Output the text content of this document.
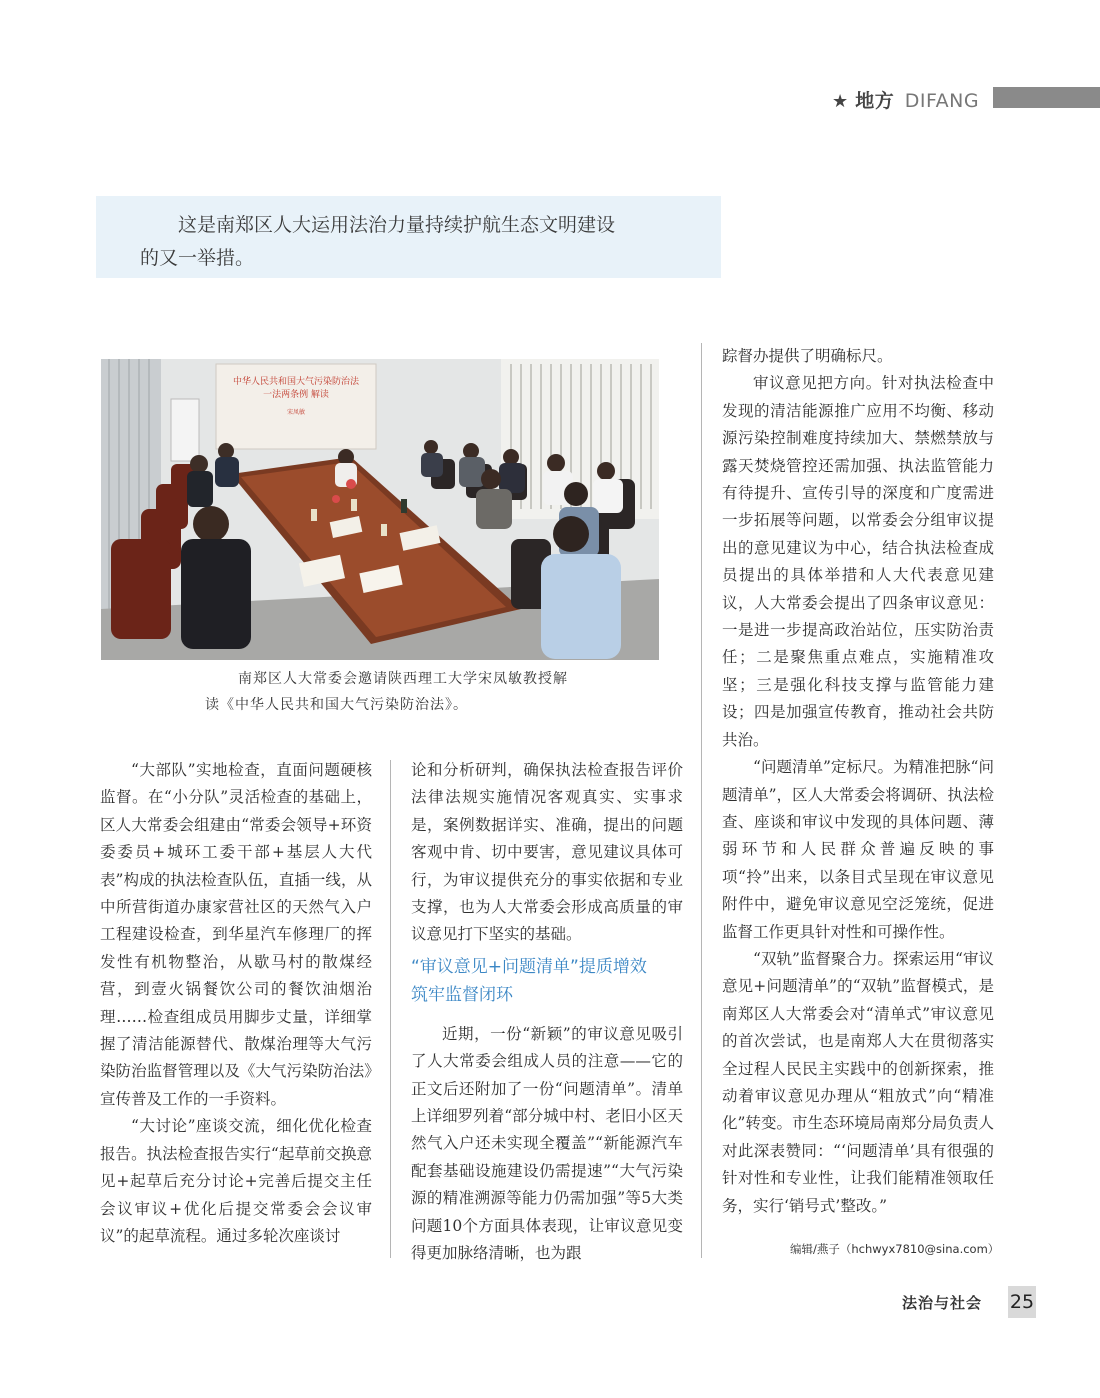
★ 地方 DIFANG

这是南郑区人大运用法治力量持续护航生态文明建设

的又一举措。

中华人民共和国大气污染防治法
一法两条例 解读
宋凤敏
南郑区人大常委会邀请陕西理工大学宋凤敏教授解
读《中华人民共和国大气污染防治法》。

“大部队”实地检查，直面问题硬核监督。在“小分队”灵活检查的基础上，区人大常委会组建由“常委会领导+环资委委员+城环工委干部+基层人大代表”构成的执法检查队伍，直插一线，从中所营街道办康家营社区的天然气入户工程建设检查，到华星汽车修理厂的挥发性有机物整治，从歇马村的散煤经营，到壹火锅餐饮公司的餐饮油烟治理……检查组成员用脚步丈量，详细掌握了清洁能源替代、散煤治理等大气污染防治监督管理以及《大气污染防治法》宣传普及工作的一手资料。

“大讨论”座谈交流，细化优化检查报告。执法检查报告实行“起草前交换意见+起草后充分讨论+完善后提交主任会议审议+优化后提交常委会会议审议”的起草流程。通过多轮次座谈讨

论和分析研判，确保执法检查报告评价法律法规实施情况客观真实、实事求是，案例数据详实、准确，提出的问题客观中肯、切中要害，意见建议具体可行，为审议提供充分的事实依据和专业支撑，也为人大常委会形成高质量的审议意见打下坚实的基础。

“审议意见+问题清单”提质增效
筑牢监督闭环

近期，一份“新颖”的审议意见吸引了人大常委会组成人员的注意——它的正文后还附加了一份“问题清单”。清单上详细罗列着“部分城中村、老旧小区天然气入户还未实现全覆盖”“新能源汽车配套基础设施建设仍需提速”“大气污染源的精准溯源等能力仍需加强”等5大类问题10个方面具体表现，让审议意见变得更加脉络清晰，也为跟

踪督办提供了明确标尺。

审议意见把方向。针对执法检查中发现的清洁能源推广应用不均衡、移动源污染控制难度持续加大、禁燃禁放与露天焚烧管控还需加强、执法监管能力有待提升、宣传引导的深度和广度需进一步拓展等问题，以常委会分组审议提出的意见建议为中心，结合执法检查成员提出的具体举措和人大代表意见建议，人大常委会提出了四条审议意见：一是进一步提高政治站位，压实防治责任；二是聚焦重点难点，实施精准攻坚；三是强化科技支撑与监管能力建设；四是加强宣传教育，推动社会共防共治。

“问题清单”定标尺。为精准把脉“问题清单”，区人大常委会将调研、执法检查、座谈和审议中发现的具体问题、薄弱环节和人民群众普遍反映的事项“拎”出来，以条目式呈现在审议意见附件中，避免审议意见空泛笼统，促进监督工作更具针对性和可操作性。

“双轨”监督聚合力。探索运用“审议意见+问题清单”的“双轨”监督模式，是南郑区人大常委会对“清单式”审议意见的首次尝试，也是南郑人大在贯彻落实全过程人民民主实践中的创新探索，推动着审议意见办理从“粗放式”向“精准化”转变。市生态环境局南郑分局负责人对此深表赞同：“‘问题清单’具有很强的针对性和专业性，让我们能精准领取任务，实行‘销号式’整改。”

编辑/燕子（hchwyx7810@sina.com）
法治与社会 25
